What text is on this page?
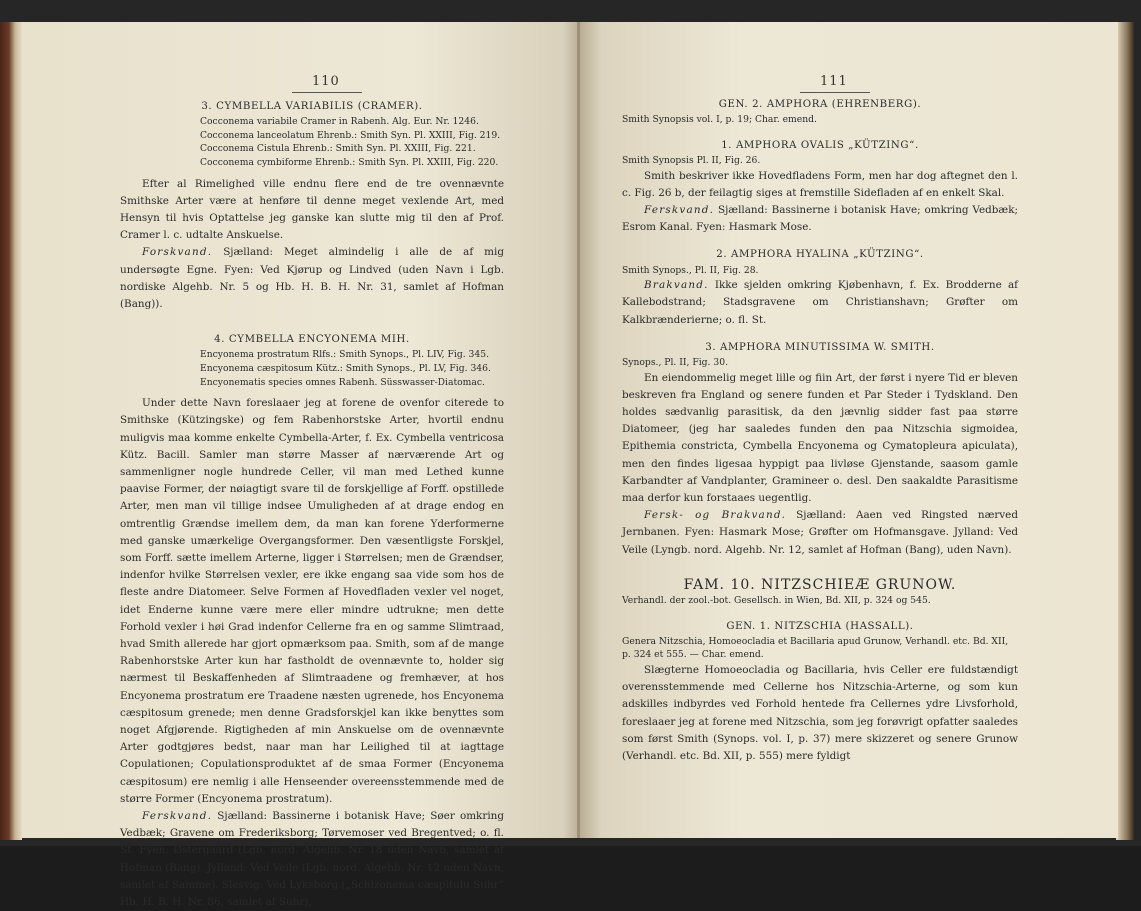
110

3. CYMBELLA VARIABILIS (CRAMER).

Cocconema variabile Cramer in Rabenh. Alg. Eur. Nr. 1246.
Cocconema lanceolatum Ehrenb.: Smith Syn. Pl. XXIII, Fig. 219.
Cocconema Cistula Ehrenb.: Smith Syn. Pl. XXIII, Fig. 221.
Cocconema cymbiforme Ehrenb.: Smith Syn. Pl. XXIII, Fig. 220.

Efter al Rimelighed ville endnu flere end de tre ovennævnte Smithske Arter være at henføre til denne meget vexlende Art, med Hensyn til hvis Optattelse jeg ganske kan slutte mig til den af Prof. Cramer l. c. udtalte Anskuelse.

Forskvand. Sjælland: Meget almindelig i alle de af mig undersøgte Egne. Fyen: Ved Kjørup og Lindved (uden Navn i Lgb. nordiske Algehb. Nr. 5 og Hb. H. B. H. Nr. 31, samlet af Hofman (Bang)).

4. CYMBELLA ENCYONEMA MIH.

Encyonema prostratum Rlfs.: Smith Synops., Pl. LIV, Fig. 345.
Encyonema cæspitosum Kütz.: Smith Synops., Pl. LV, Fig. 346.
Encyonematis species omnes Rabenh. Süsswasser-Diatomac.

Under dette Navn foreslaaer jeg at forene de ovenfor citerede to Smithske (Kützingske) og fem Rabenhorstske Arter, hvortil endnu muligvis maa komme enkelte Cymbella-Arter, f. Ex. Cymbella ventricosa Kütz. Bacill. Samler man større Masser af nærværende Art og sammenligner nogle hundrede Celler, vil man med Lethed kunne paavise Former, der nøiagtigt svare til de forskjellige af Forff. opstillede Arter, men man vil tillige indsee Umuligheden af at drage endog en omtrentlig Grændse imellem dem, da man kan forene Yderformerne med ganske umærkelige Overgangsformer. Den væsentligste Forskjel, som Forff. sætte imellem Arterne, ligger i Størrelsen; men de Grændser, indenfor hvilke Størrelsen vexler, ere ikke engang saa vide som hos de fleste andre Diatomeer. Selve Formen af Hovedfladen vexler vel noget, idet Enderne kunne være mere eller mindre udtrukne; men dette Forhold vexler i høi Grad indenfor Cellerne fra en og samme Slimtraad, hvad Smith allerede har gjort opmærksom paa. Smith, som af de mange Rabenhorstske Arter kun har fastholdt de ovennævnte to, holder sig nærmest til Beskaffenheden af Slimtraadene og fremhæver, at hos Encyonema prostratum ere Traadene næsten ugrenede, hos Encyonema cæspitosum grenede; men denne Gradsforskjel kan ikke benyttes som noget Afgjørende. Rigtigheden af min Anskuelse om de ovennævnte Arter godtgjøres bedst, naar man har Leilighed til at iagttage Copulationen; Copulationsproduktet af de smaa Former (Encyonema cæspitosum) ere nemlig i alle Henseender overeensstemmende med de større Former (Encyonema prostratum).

Ferskvand. Sjælland: Bassinerne i botanisk Have; Søer omkring Vedbæk; Gravene om Frederiksborg; Tørvemoser ved Bregentved; o. fl. St. Fyen: Østergaard (Lgb. nord. Algehb. Nr. 18 uden Navn, samlet af Hofman (Bang). Jylland: Ved Veile (Lgb. nord. Algehb. Nr. 12 uden Navn, samlet af Samme). Slesvig: Ved Lyksborg („Schizonema cæspitulu Suhr“ Hb. H. B. H. Nr. 86, samlet af Suhr).

111

GEN. 2. AMPHORA (EHRENBERG).

Smith Synopsis vol. I, p. 19; Char. emend.

1. AMPHORA OVALIS „KÜTZING“.

Smith Synopsis Pl. II, Fig. 26.

Smith beskriver ikke Hovedfladens Form, men har dog aftegnet den l. c. Fig. 26 b, der feilagtig siges at fremstille Sidefladen af en enkelt Skal.

Ferskvand. Sjælland: Bassinerne i botanisk Have; omkring Vedbæk; Esrom Kanal. Fyen: Hasmark Mose.

2. AMPHORA HYALINA „KÜTZING“.

Smith Synops., Pl. II, Fig. 28.

Brakvand. Ikke sjelden omkring Kjøbenhavn, f. Ex. Brodderne af Kallebodstrand; Stadsgravene om Christianshavn; Grøfter om Kalkbrænderierne; o. fl. St.

3. AMPHORA MINUTISSIMA W. SMITH.

Synops., Pl. II, Fig. 30.

En eiendommelig meget lille og fiin Art, der først i nyere Tid er bleven beskreven fra England og senere funden et Par Steder i Tydskland. Den holdes sædvanlig parasitisk, da den jævnlig sidder fast paa større Diatomeer, (jeg har saaledes funden den paa Nitzschia sigmoidea, Epithemia constricta, Cymbella Encyonema og Cymatopleura apiculata), men den findes ligesaa hyppigt paa livløse Gjenstande, saasom gamle Karbandter af Vandplanter, Gramineer o. desl. Den saakaldte Parasitisme maa derfor kun forstaaes uegentlig.

Fersk- og Brakvand. Sjælland: Aaen ved Ringsted nærved Jernbanen. Fyen: Hasmark Mose; Grøfter om Hofmansgave. Jylland: Ved Veile (Lyngb. nord. Algehb. Nr. 12, samlet af Hofman (Bang), uden Navn).

FAM. 10. NITZSCHIEÆ GRUNOW.

Verhandl. der zool.-bot. Gesellsch. in Wien, Bd. XII, p. 324 og 545.

GEN. 1. NITZSCHIA (HASSALL).

Genera Nitzschia, Homoeocladia et Bacillaria apud Grunow, Verhandl. etc. Bd. XII, p. 324 et 555. — Char. emend.

Slægterne Homoeocladia og Bacillaria, hvis Celler ere fuldstændigt overensstemmende med Cellerne hos Nitzschia-Arterne, og som kun adskilles indbyrdes ved Forhold hentede fra Cellernes ydre Livsforhold, foreslaaer jeg at forene med Nitzschia, som jeg forøvrigt opfatter saaledes som først Smith (Synops. vol. I, p. 37) mere skizzeret og senere Grunow (Verhandl. etc. Bd. XII, p. 555) mere fyldigt
